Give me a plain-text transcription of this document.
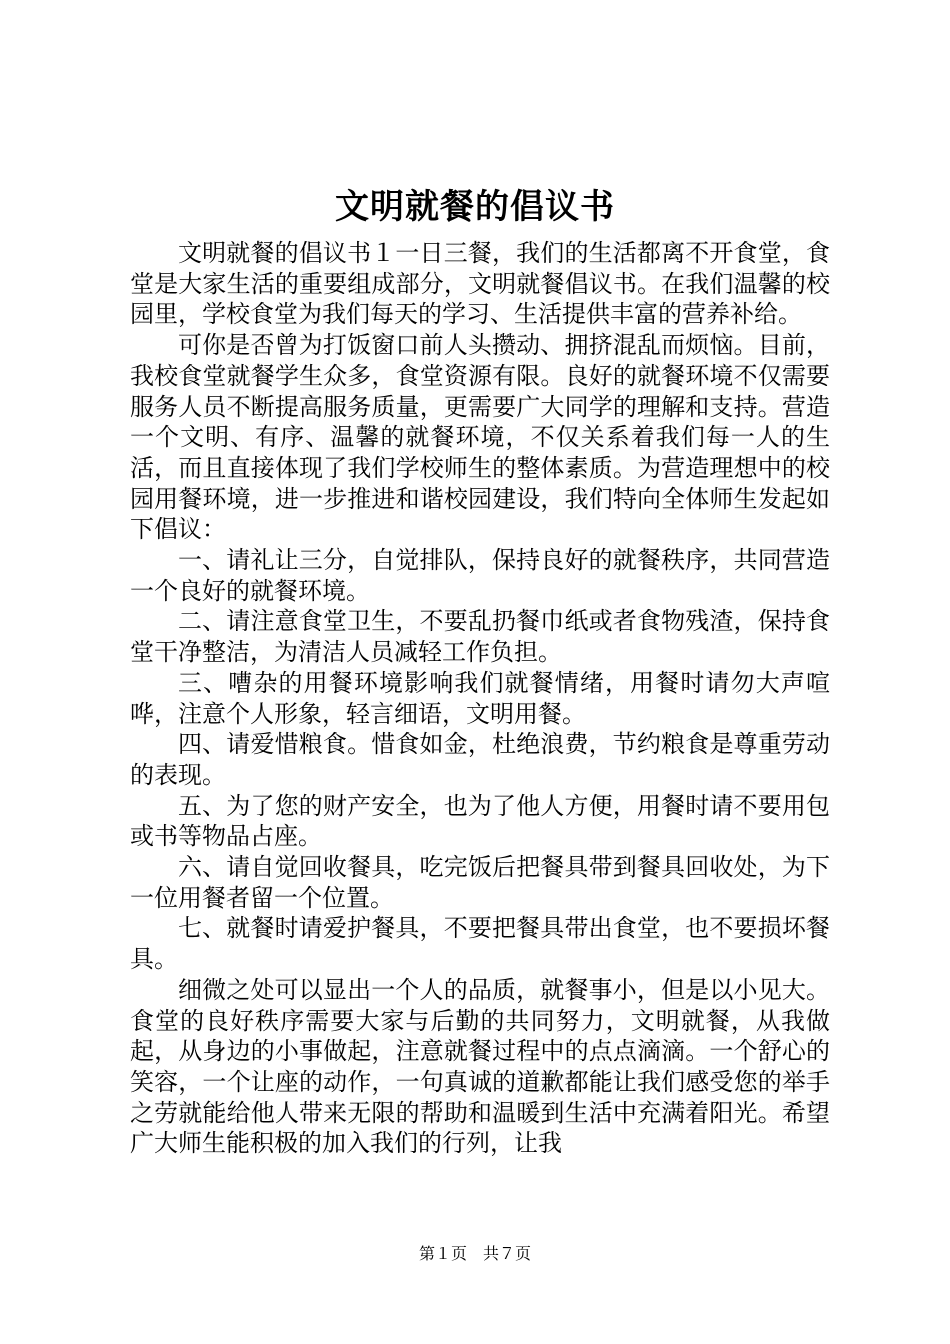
文明就餐的倡议书

文明就餐的倡议书１一日三餐，我们的生活都离不开食堂，食堂是大家生活的重要组成部分，文明就餐倡议书。在我们温馨的校园里，学校食堂为我们每天的学习、生活提供丰富的营养补给。

可你是否曾为打饭窗口前人头攒动、拥挤混乱而烦恼。目前，我校食堂就餐学生众多，食堂资源有限。良好的就餐环境不仅需要服务人员不断提高服务质量，更需要广大同学的理解和支持。营造一个文明、有序、温馨的就餐环境，不仅关系着我们每一人的生活，而且直接体现了我们学校师生的整体素质。为营造理想中的校园用餐环境，进一步推进和谐校园建设，我们特向全体师生发起如下倡议：

一、请礼让三分，自觉排队，保持良好的就餐秩序，共同营造一个良好的就餐环境。

二、请注意食堂卫生，不要乱扔餐巾纸或者食物残渣，保持食堂干净整洁，为清洁人员减轻工作负担。

三、嘈杂的用餐环境影响我们就餐情绪，用餐时请勿大声喧哗，注意个人形象，轻言细语，文明用餐。

四、请爱惜粮食。惜食如金，杜绝浪费，节约粮食是尊重劳动的表现。

五、为了您的财产安全，也为了他人方便，用餐时请不要用包或书等物品占座。

六、请自觉回收餐具，吃完饭后把餐具带到餐具回收处，为下一位用餐者留一个位置。

七、就餐时请爱护餐具，不要把餐具带出食堂，也不要损坏餐具。

细微之处可以显出一个人的品质，就餐事小，但是以小见大。食堂的良好秩序需要大家与后勤的共同努力，文明就餐，从我做起，从身边的小事做起，注意就餐过程中的点点滴滴。一个舒心的笑容，一个让座的动作，一句真诚的道歉都能让我们感受您的举手之劳就能给他人带来无限的帮助和温暖到生活中充满着阳光。希望广大师生能积极的加入我们的行列，让我

第１页　共７页
